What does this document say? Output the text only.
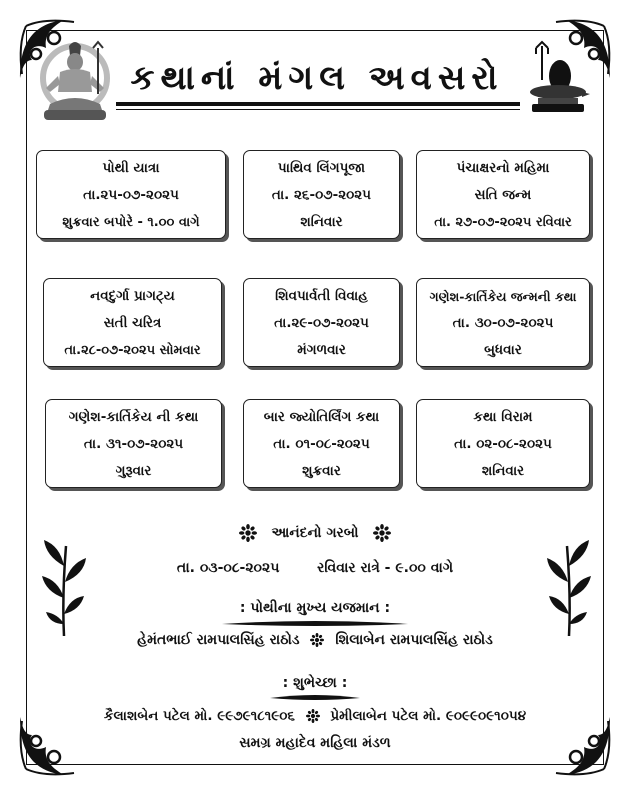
કથાનાં મંગલ અવસરો
પોથી યાત્રા
તા.૨૫-૦૭-૨૦૨૫
શુક્રવાર બપોરે - ૧.૦૦ વાગે
પાથિવ લિંગપૂજા
તા. ૨૬-૦૭-૨૦૨૫
શનિવાર
પંચાક્ષરનો મહિમા
સતિ જન્મ
તા. ૨૭-૦૭-૨૦૨૫ રવિવાર
નવદુર્ગા પ્રાગટ્ય
સતી ચરિત્ર
તા.૨૮-૦૭-૨૦૨૫ સોમવાર
શિવપાર્વતી વિવાહ
તા.૨૯-૦૭-૨૦૨૫
મંગળવાર
ગણેશ-કાર્તિકેય જન્મની કથા
તા. ૩૦-૦૭-૨૦૨૫
બુધવાર
ગણેશ-કાર્તિકેય ની કથા
તા. ૩૧-૦૭-૨૦૨૫
ગુરૂવાર
બાર જ્યોતિર્લિંગ કથા
તા. ૦૧-૦૮-૨૦૨૫
શુક્રવાર
કથા વિરામ
તા. ૦૨-૦૮-૨૦૨૫
શનિવાર
આનંદનો ગરબો
તા. ૦૩-૦૮-૨૦૨૫	રવિવાર રાત્રે - ૯.૦૦ વાગે
: પોથીના મુખ્ય યજમાન :
હેમંતભાઈ રામપાલસિંહ રાઠોડ	શિલાબેન રામપાલસિંહ રાઠોડ
: શુભેચ્છા :
કૈલાશબેન પટેલ મો. ૯૯૭૯૧૮૧૯૦૬	પ્રેમીલાબેન પટેલ મો. ૯૦૯૯૦૯૧૦૫૪
સમગ્ર મહાદેવ મહિલા મંડળ
